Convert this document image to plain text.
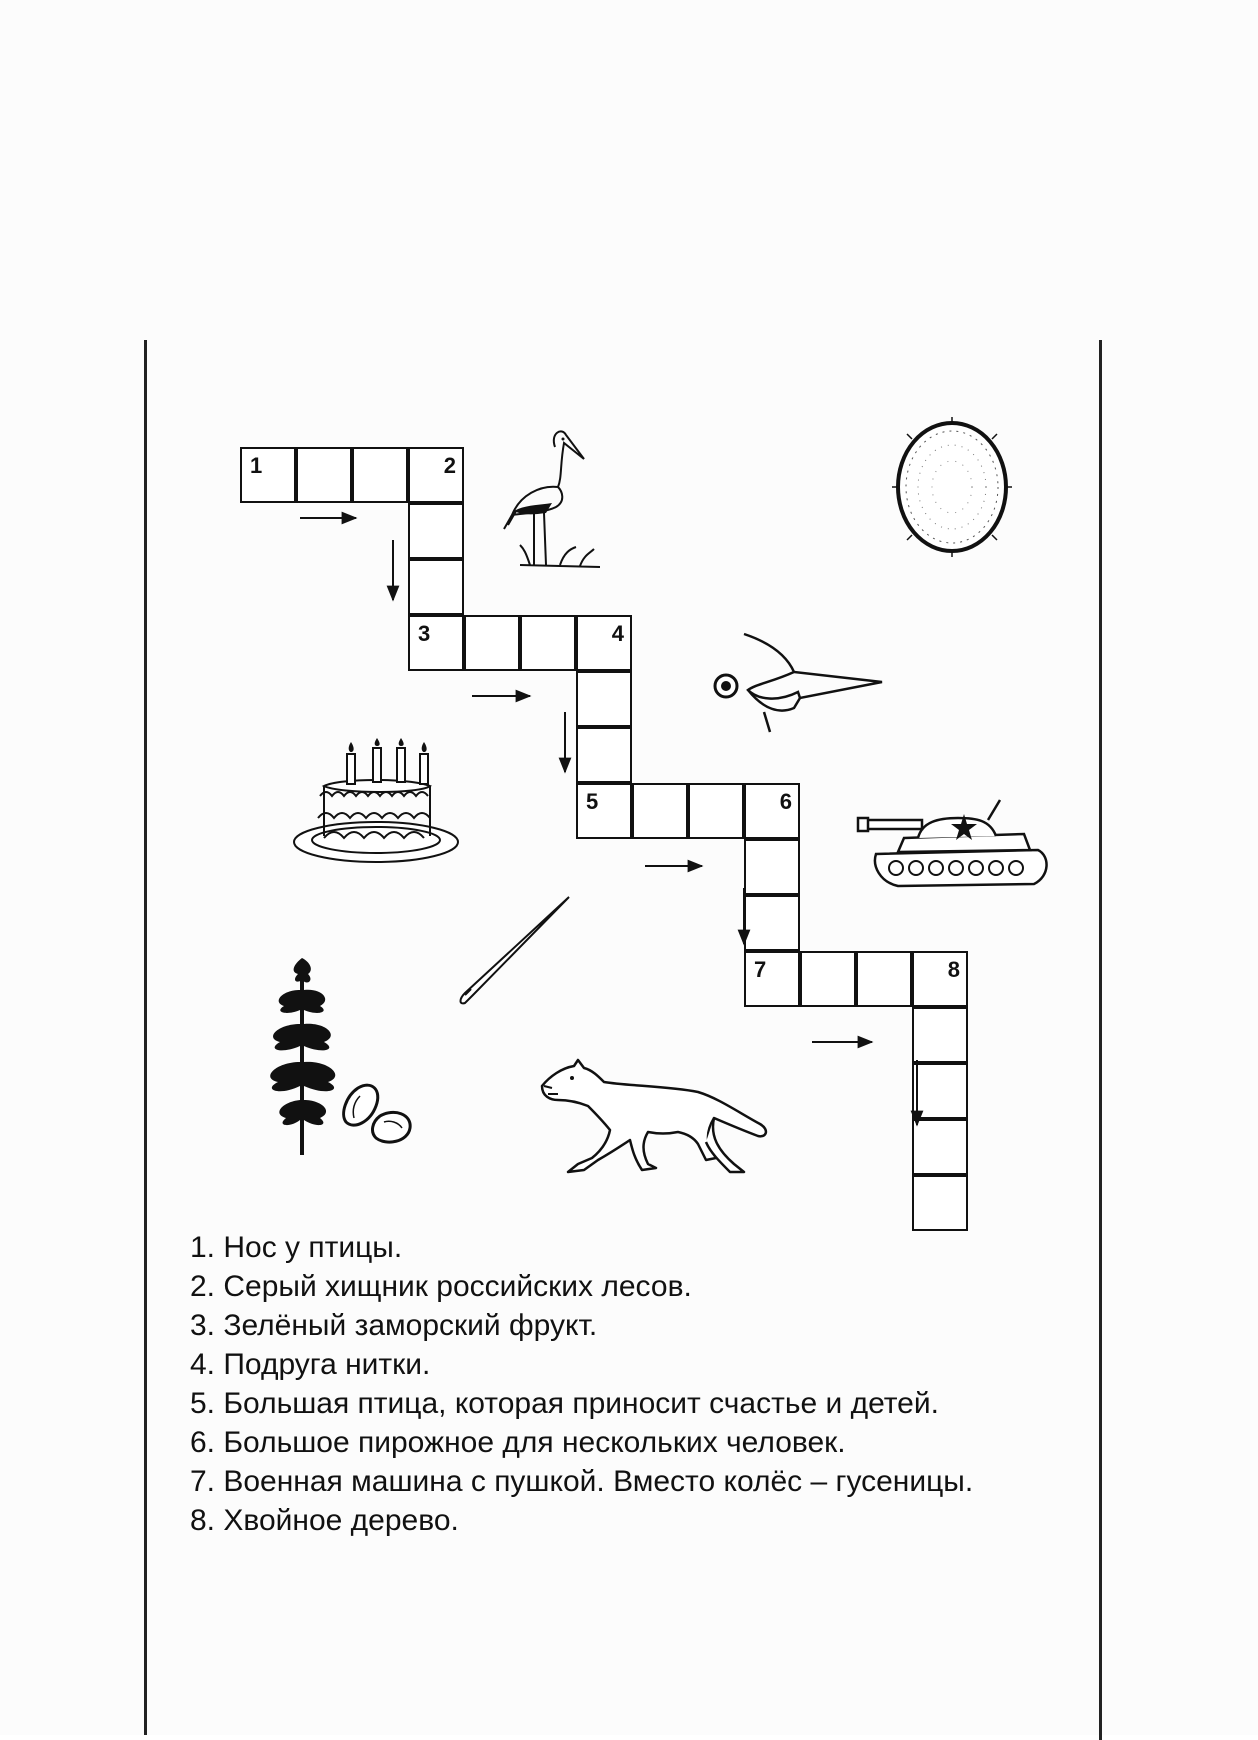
1	2
3	4
5	6
7	8
1. Нос у птицы.
2. Серый хищник российских лесов.
3. Зелёный заморский фрукт.
4. Подруга нитки.
5. Большая птица, которая приносит счастье и детей.
6. Большое пирожное для нескольких человек.
7. Военная машина с пушкой. Вместо колёс – гусеницы.
8. Хвойное дерево.
